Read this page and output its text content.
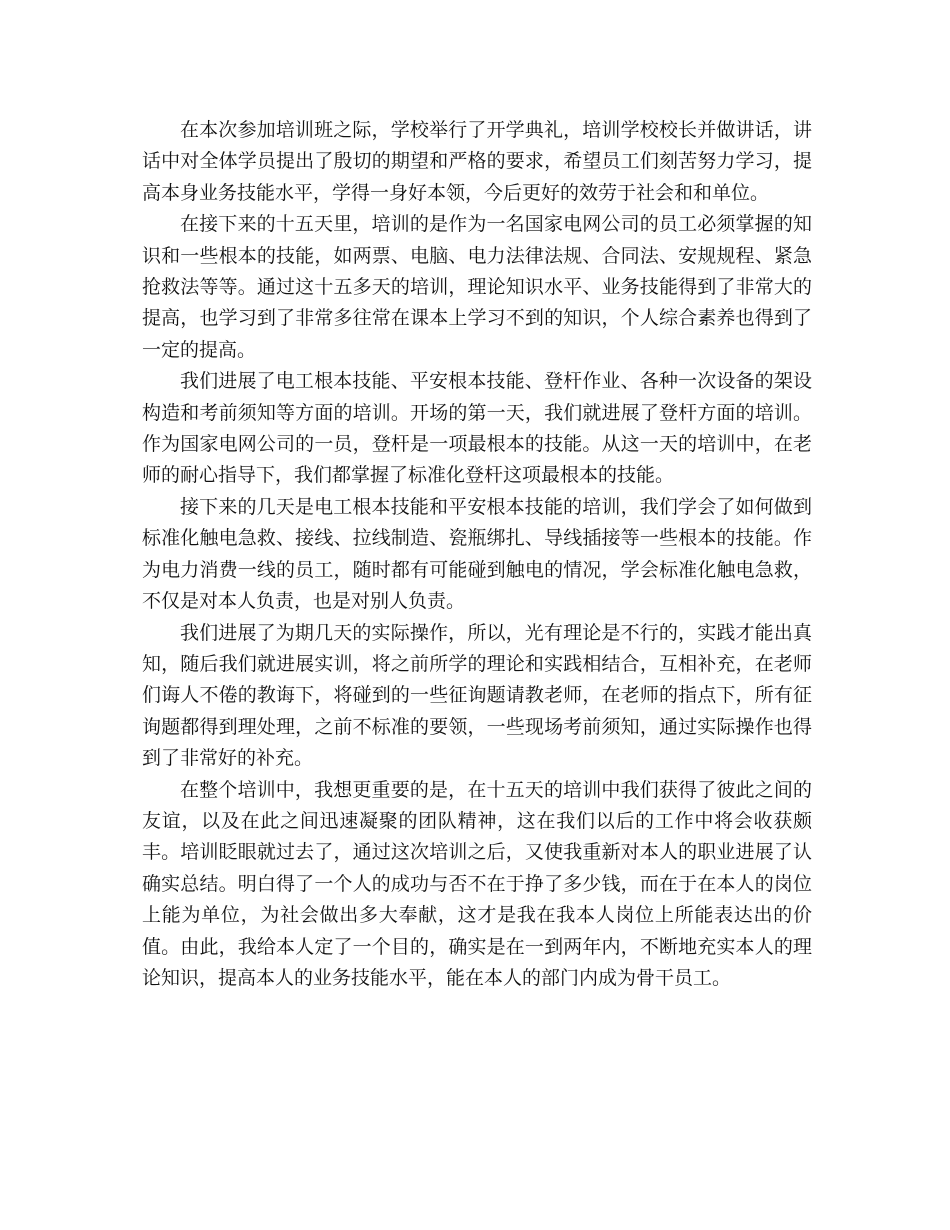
在本次参加培训班之际，学校举行了开学典礼，培训学校校长并做讲话，讲话中对全体学员提出了殷切的期望和严格的要求，希望员工们刻苦努力学习，提高本身业务技能水平，学得一身好本领，今后更好的效劳于社会和和单位。

在接下来的十五天里，培训的是作为一名国家电网公司的员工必须掌握的知识和一些根本的技能，如两票、电脑、电力法律法规、合同法、安规规程、紧急抢救法等等。通过这十五多天的培训，理论知识水平、业务技能得到了非常大的提高，也学习到了非常多往常在课本上学习不到的知识，个人综合素养也得到了一定的提高。

我们进展了电工根本技能、平安根本技能、登杆作业、各种一次设备的架设构造和考前须知等方面的培训。开场的第一天，我们就进展了登杆方面的培训。作为国家电网公司的一员，登杆是一项最根本的技能。从这一天的培训中，在老师的耐心指导下，我们都掌握了标准化登杆这项最根本的技能。

接下来的几天是电工根本技能和平安根本技能的培训，我们学会了如何做到标准化触电急救、接线、拉线制造、瓷瓶绑扎、导线插接等一些根本的技能。作为电力消费一线的员工，随时都有可能碰到触电的情况，学会标准化触电急救，不仅是对本人负责，也是对别人负责。

我们进展了为期几天的实际操作，所以，光有理论是不行的，实践才能出真知，随后我们就进展实训，将之前所学的理论和实践相结合，互相补充，在老师们诲人不倦的教诲下，将碰到的一些征询题请教老师，在老师的指点下，所有征询题都得到理处理，之前不标准的要领，一些现场考前须知，通过实际操作也得到了非常好的补充。

在整个培训中，我想更重要的是，在十五天的培训中我们获得了彼此之间的友谊，以及在此之间迅速凝聚的团队精神，这在我们以后的工作中将会收获颇丰。培训眨眼就过去了，通过这次培训之后，又使我重新对本人的职业进展了认确实总结。明白得了一个人的成功与否不在于挣了多少钱，而在于在本人的岗位上能为单位，为社会做出多大奉献，这才是我在我本人岗位上所能表达出的价值。由此，我给本人定了一个目的，确实是在一到两年内，不断地充实本人的理论知识，提高本人的业务技能水平，能在本人的部门内成为骨干员工。
